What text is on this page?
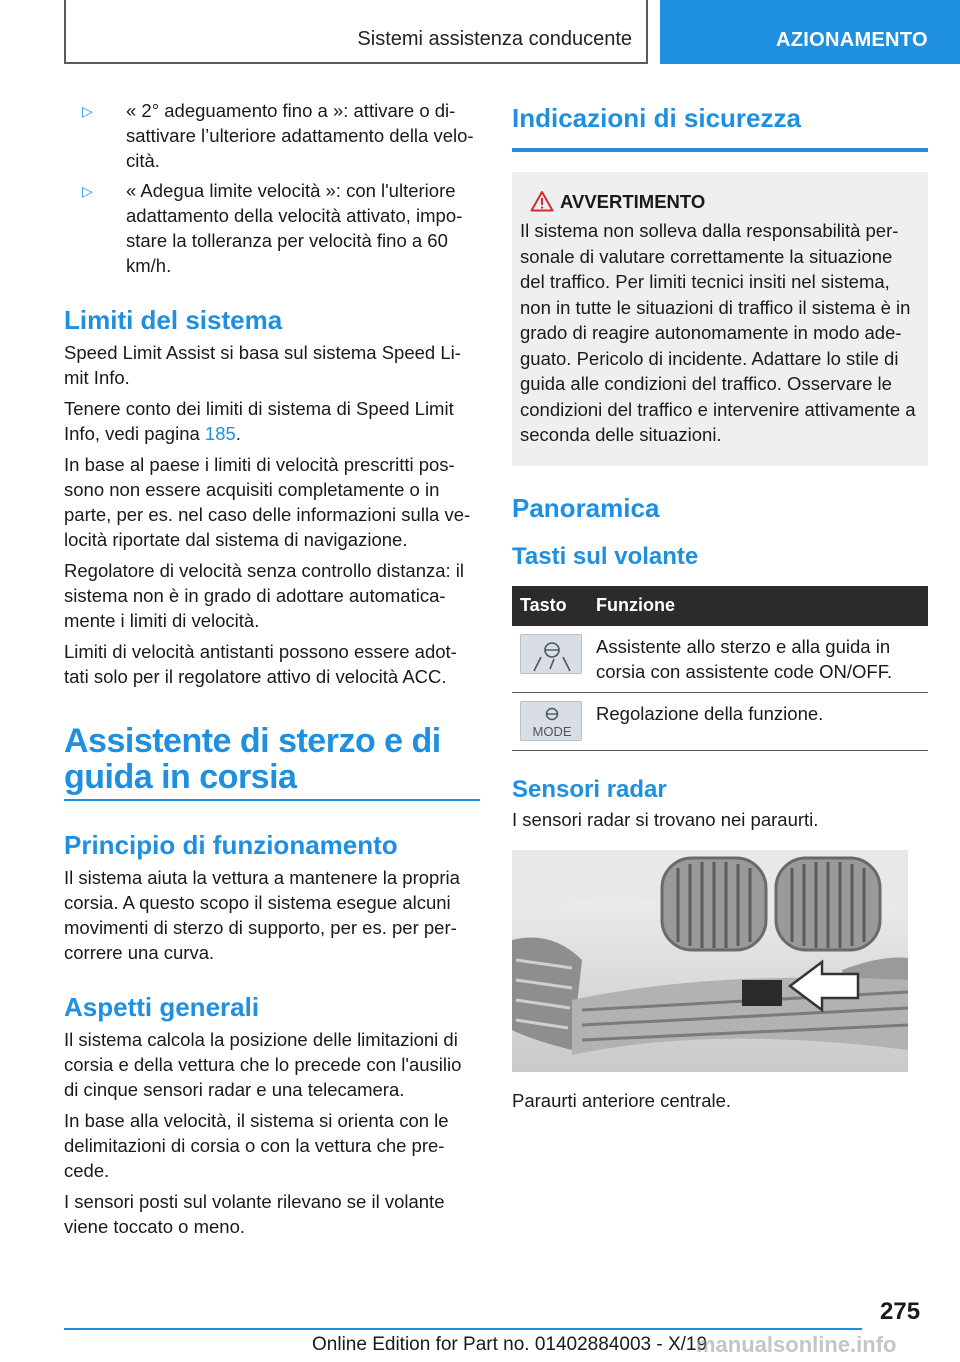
Sistemi assistenza conducente	AZIONAMENTO
▷ « 2° adeguamento fino a »: attivare o di-sattivare l’ulteriore adattamento della velo-cità.
▷ « Adegua limite velocità »: con l'ulteriore adattamento della velocità attivato, impo-stare la tolleranza per velocità fino a 60 km/h.
Limiti del sistema

Speed Limit Assist si basa sul sistema Speed Li-mit Info.

Tenere conto dei limiti di sistema di Speed Limit Info, vedi pagina 185.

In base al paese i limiti di velocità prescritti pos-sono non essere acquisiti completamente o in parte, per es. nel caso delle informazioni sulla ve-locità riportate dal sistema di navigazione.

Regolatore di velocità senza controllo distanza: il sistema non è in grado di adottare automatica-mente i limiti di velocità.

Limiti di velocità antistanti possono essere adot-tati solo per il regolatore attivo di velocità ACC.

Assistente di sterzo e di
guida in corsia
Principio di funzionamento

Il sistema aiuta la vettura a mantenere la propria corsia. A questo scopo il sistema esegue alcuni movimenti di sterzo di supporto, per es. per per-correre una curva.

Aspetti generali

Il sistema calcola la posizione delle limitazioni di corsia e della vettura che lo precede con l'ausilio di cinque sensori radar e una telecamera.

In base alla velocità, il sistema si orienta con le delimitazioni di corsia o con la vettura che pre-cede.

I sensori posti sul volante rilevano se il volante viene toccato o meno.

Indicazioni di sicurezza
AVVERTIMENTO
Il sistema non solleva dalla responsabilità per-sonale di valutare correttamente la situazione del traffico. Per limiti tecnici insiti nel sistema, non in tutte le situazioni di traffico il sistema è in grado di reagire autonomamente in modo ade-guato. Pericolo di incidente. Adattare lo stile di guida alle condizioni del traffico. Osservare le condizioni del traffico e intervenire attivamente a seconda delle situazioni.
Panoramica
Tasti sul volante
Tasto	Funzione

	Assistente allo sterzo e alla guida in corsia con assistente code ON/OFF.

MODE	Regolazione della funzione.
Sensori radar

I sensori radar si trovano nei paraurti.

Paraurti anteriore centrale.

275
Online Edition for Part no. 01402884003 - X/19
manualsonline.info
